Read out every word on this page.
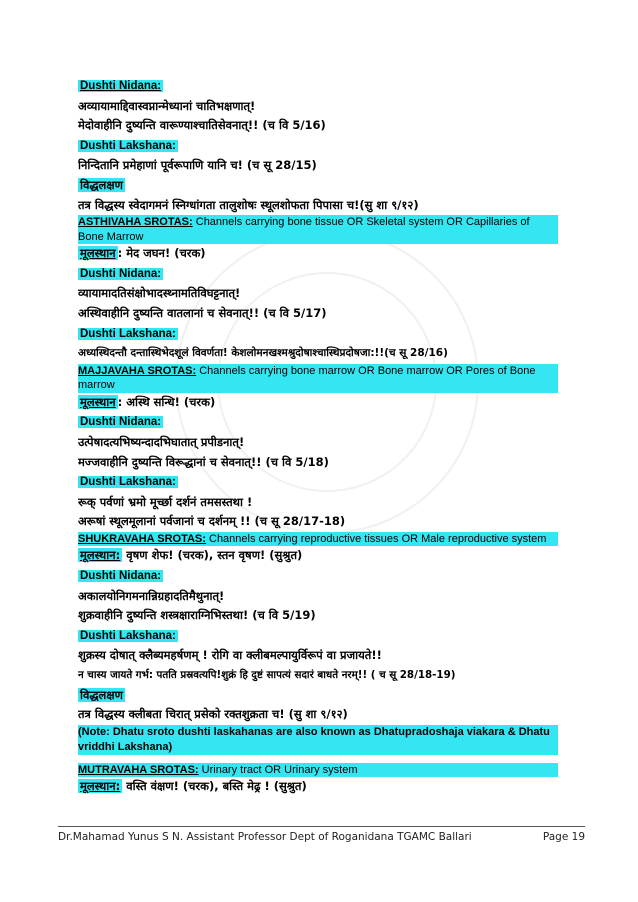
Dushti Nidana:
अव्यायामाद्दिवास्वप्नान्मेध्यानां चातिभक्षणात्!
मेदोवाहीनि दुष्यन्ति वारूण्याश्चातिसेवनात्!! (च वि 5/16)
Dushti Lakshana:
निन्दितानि प्रमेहाणां पूर्वरूपाणि यानि च! (च सू 28/15)
विद्धलक्षण
तत्र विद्धस्य स्वेदागमनं स्निग्धांगता तालुशोषः स्थूलशोफता पिपासा च!(सु शा ९/१२)
ASTHIVAHA SROTAS: Channels carrying bone tissue OR Skeletal system OR Capillaries of Bone Marrow
मूलस्थान : मेद जघन! (चरक)
Dushti Nidana:
व्यायामादतिसंक्षोभादस्थ्नामतिविघट्टनात्!
अस्थिवाहीनि दुष्यन्ति वातलानां च सेवनात्!! (च वि 5/17)
Dushti Lakshana:
अध्यस्थिदन्तौ दन्तास्थिभेदशूलं विवर्णता! केशलोमनखश्मश्रुदोषाश्चास्थिप्रदोषजा:!!(च सू 28/16)
MAJJAVAHA SROTAS: Channels carrying bone marrow OR Bone marrow OR Pores of Bone marrow
मूलस्थान : अस्थि सन्धि! (चरक)
Dushti Nidana:
उत्पेषादत्यभिष्यन्दादभिघातात् प्रपीडनात्!
मज्जवाहीनि दुष्यन्ति विरूद्धानां च सेवनात्!! (च वि 5/18)
Dushti Lakshana:
रूक् पर्वणां भ्रमो मूर्च्छा दर्शनं तमसस्तथा !
अरूषां स्थूलमूलानां पर्वजानां च दर्शनम् !! (च सू 28/17-18)
SHUKRAVAHA SROTAS: Channels carrying reproductive tissues OR Male reproductive system
मूलस्थान: वृषण शेफ! (चरक), स्तन वृषण! (सुश्रुत)
Dushti Nidana:
अकालयोनिगमनान्निग्रहादतिमैथुनात्!
शुक्रवाहीनि दुष्यन्ति शस्त्रक्षाराग्निभिस्तथा! (च वि 5/19)
Dushti Lakshana:
शुक्रस्य दोषात् क्लैब्यमहर्षणम् ! रोगि वा क्लीबमल्पायुर्विरूपं वा प्रजायते!!
न चास्य जायते गर्भ: पतति प्रस्रवत्यपि!शुक्रं हि दुष्टं सापत्यं सदारं बाधते नरम्!! ( च सू 28/18-19)
विद्धलक्षण
तत्र विद्धस्य क्लीबता चिरात् प्रसेको रक्तशुक्रता च! (सु शा ९/१२)
(Note: Dhatu sroto dushti laskahanas are also known as Dhatupradoshaja viakara & Dhatu vriddhi Lakshana)
MUTRAVAHA SROTAS: Urinary tract OR Urinary system
मूलस्थान: वस्ति वंक्षण! (चरक), बस्ति मेढ्र ! (सुश्रुत)
Dr.Mahamad Yunus S N. Assistant Professor Dept of Roganidana TGAMC Ballari	Page 19
